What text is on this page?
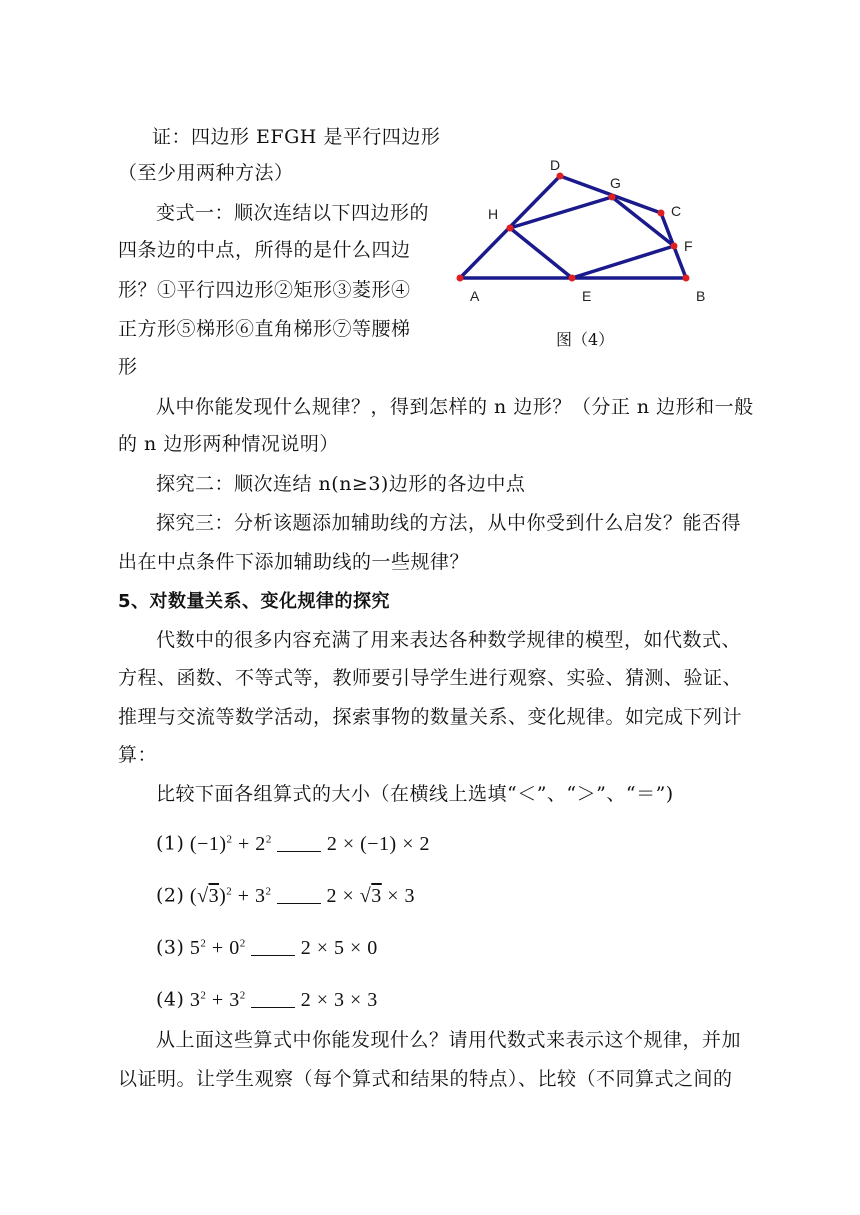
证：四边形 EFGH 是平行四边形
（至少用两种方法）
变式一：顺次连结以下四边形的
四条边的中点，所得的是什么四边
形？①平行四边形②矩形③菱形④
正方形⑤梯形⑥直角梯形⑦等腰梯
形
A	E	B
F
C
G
D
H
图（4）
从中你能发现什么规律？，得到怎样的 n 边形？（分正 n 边形和一般
的 n 边形两种情况说明）
探究二：顺次连结 n(n≥3)边形的各边中点
探究三：分析该题添加辅助线的方法，从中你受到什么启发？能否得
出在中点条件下添加辅助线的一些规律？
5、对数量关系、变化规律的探究
代数中的很多内容充满了用来表达各种数学规律的模型，如代数式、
方程、函数、不等式等，教师要引导学生进行观察、实验、猜测、验证、
推理与交流等数学活动，探索事物的数量关系、变化规律。如完成下列计
算：
比较下面各组算式的大小（在横线上选填“＜”、“＞”、“＝”)
(1) $(-1)^2 + 2^2$  2 × (−1) × 2
(2) $(√3)^2 + 3^2$  2 × √3 × 3
(3) $5^2 + 0^2$  2 × 5 × 0
(4) $3^2 + 3^2$  2 × 3 × 3
从上面这些算式中你能发现什么？请用代数式来表示这个规律，并加
以证明。让学生观察（每个算式和结果的特点）、比较（不同算式之间的
